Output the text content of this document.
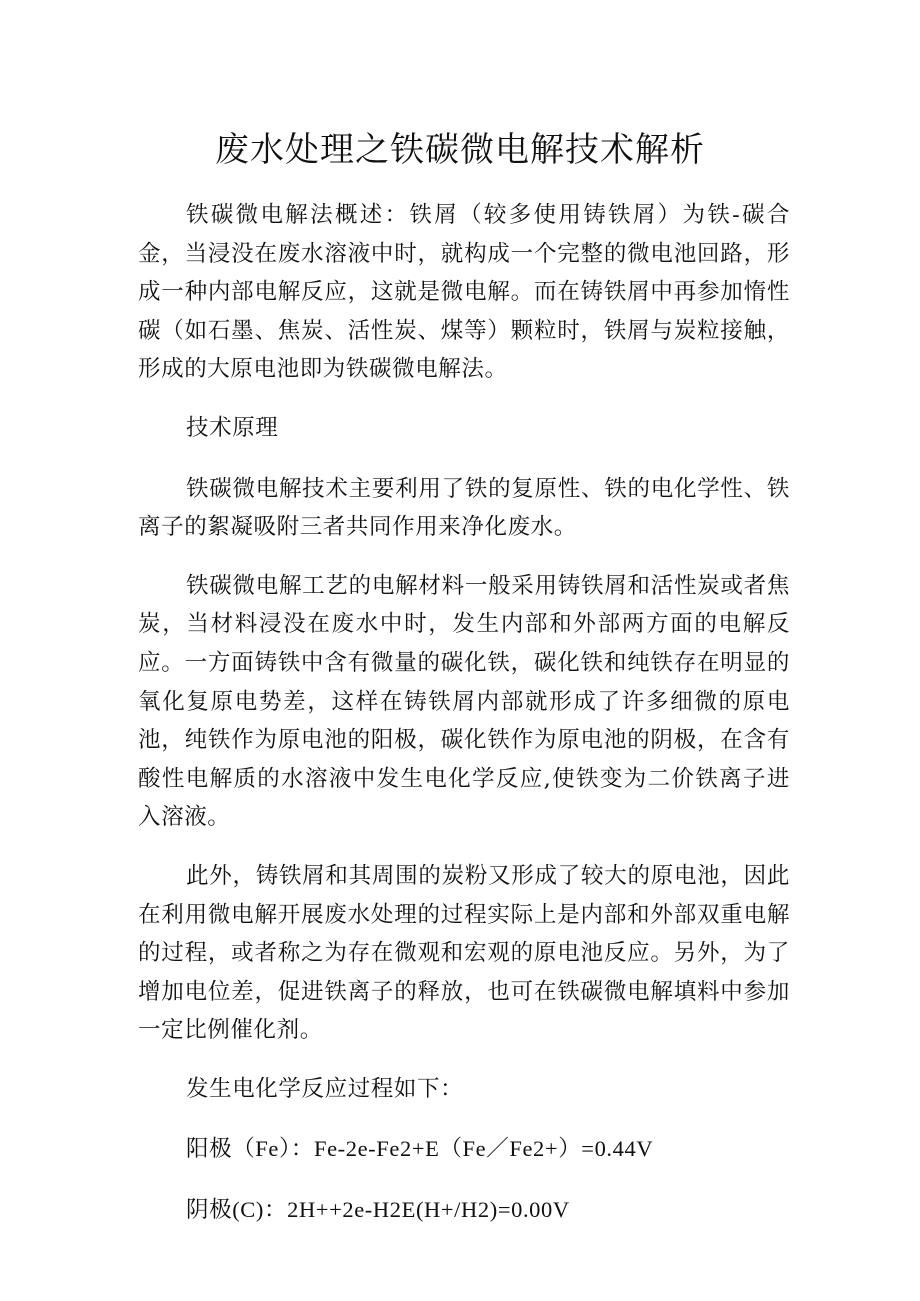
废水处理之铁碳微电解技术解析

铁碳微电解法概述：铁屑（较多使用铸铁屑）为铁-碳合金，当浸没在废水溶液中时，就构成一个完整的微电池回路，形成一种内部电解反应，这就是微电解。而在铸铁屑中再参加惰性碳（如石墨、焦炭、活性炭、煤等）颗粒时，铁屑与炭粒接触，形成的大原电池即为铁碳微电解法。

技术原理

铁碳微电解技术主要利用了铁的复原性、铁的电化学性、铁离子的絮凝吸附三者共同作用来净化废水。

铁碳微电解工艺的电解材料一般采用铸铁屑和活性炭或者焦炭，当材料浸没在废水中时，发生内部和外部两方面的电解反应。一方面铸铁中含有微量的碳化铁，碳化铁和纯铁存在明显的氧化复原电势差，这样在铸铁屑内部就形成了许多细微的原电池，纯铁作为原电池的阳极，碳化铁作为原电池的阴极，在含有酸性电解质的水溶液中发生电化学反应,使铁变为二价铁离子进入溶液。

此外，铸铁屑和其周围的炭粉又形成了较大的原电池，因此在利用微电解开展废水处理的过程实际上是内部和外部双重电解的过程，或者称之为存在微观和宏观的原电池反应。另外，为了增加电位差，促进铁离子的释放，也可在铁碳微电解填料中参加一定比例催化剂。

发生电化学反应过程如下：

阳极（Fe）：Fe-2e-Fe2+E（Fe／Fe2+）=0.44V

阴极(C)：2H++2e-H2E(H+/H2)=0.00V
